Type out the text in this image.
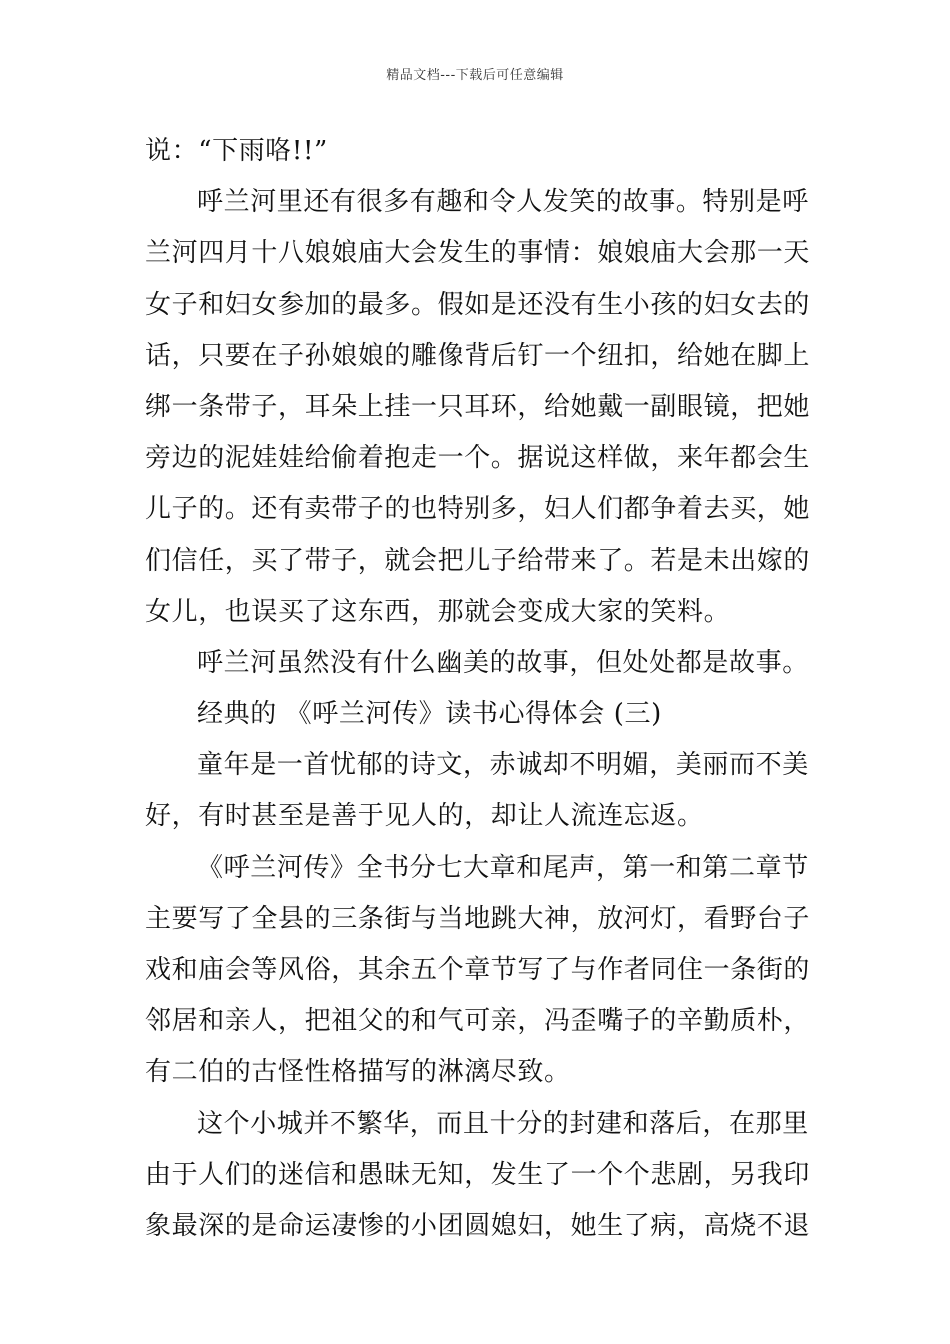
精品文档---下载后可任意编辑
说：“下雨咯!!”
呼兰河里还有很多有趣和令人发笑的故事。特别是呼
兰河四月十八娘娘庙大会发生的事情：娘娘庙大会那一天
女子和妇女参加的最多。假如是还没有生小孩的妇女去的
话，只要在子孙娘娘的雕像背后钉一个纽扣，给她在脚上
绑一条带子，耳朵上挂一只耳环，给她戴一副眼镜，把她
旁边的泥娃娃给偷着抱走一个。据说这样做，来年都会生
儿子的。还有卖带子的也特别多，妇人们都争着去买，她
们信任，买了带子，就会把儿子给带来了。若是未出嫁的
女儿，也误买了这东西，那就会变成大家的笑料。
呼兰河虽然没有什么幽美的故事，但处处都是故事。
经典的 《呼兰河传》读书心得体会 (三)
童年是一首忧郁的诗文，赤诚却不明媚，美丽而不美
好，有时甚至是善于见人的，却让人流连忘返。
《呼兰河传》全书分七大章和尾声，第一和第二章节
主要写了全县的三条街与当地跳大神，放河灯，看野台子
戏和庙会等风俗，其余五个章节写了与作者同住一条街的
邻居和亲人，把祖父的和气可亲，冯歪嘴子的辛勤质朴，
有二伯的古怪性格描写的淋漓尽致。
这个小城并不繁华，而且十分的封建和落后，在那里
由于人们的迷信和愚昧无知，发生了一个个悲剧，另我印
象最深的是命运凄惨的小团圆媳妇，她生了病，高烧不退
